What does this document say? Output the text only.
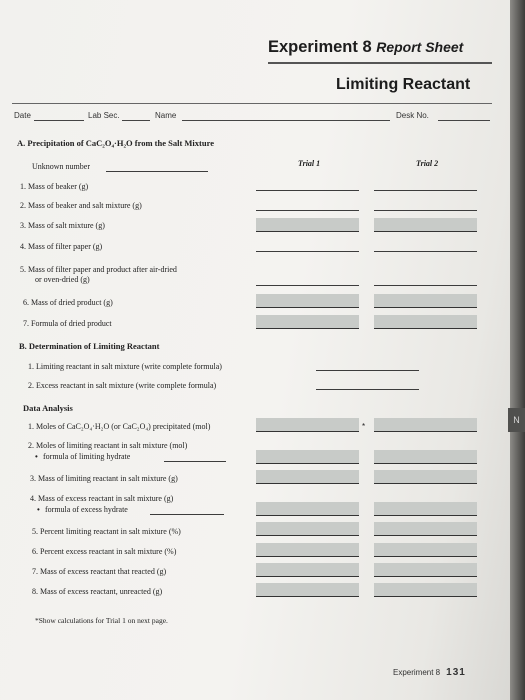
Experiment 8 Report Sheet
Limiting Reactant
Date	Lab Sec.	Name	Desk No.
A. Precipitation of CaC₂O₄·H₂O from the Salt Mixture
Unknown number	Trial 1	Trial 2
1. Mass of beaker (g)
2. Mass of beaker and salt mixture (g)
3. Mass of salt mixture (g)
4. Mass of filter paper (g)
5. Mass of filter paper and product after air-dried
or oven-dried (g)
6. Mass of dried product (g)
7. Formula of dried product
B. Determination of Limiting Reactant
1. Limiting reactant in salt mixture (write complete formula)
2. Excess reactant in salt mixture (write complete formula)
Data Analysis
1. Moles of CaC₂O₄·H₂O (or CaC₂O₄) precipitated (mol)	*
2. Moles of limiting reactant in salt mixture (mol)
• formula of limiting hydrate
3. Mass of limiting reactant in salt mixture (g)
4. Mass of excess reactant in salt mixture (g)
• formula of excess hydrate
5. Percent limiting reactant in salt mixture (%)
6. Percent excess reactant in salt mixture (%)
7. Mass of excess reactant that reacted (g)
8. Mass of excess reactant, unreacted (g)
*Show calculations for Trial 1 on next page.
Experiment 8 131
N
